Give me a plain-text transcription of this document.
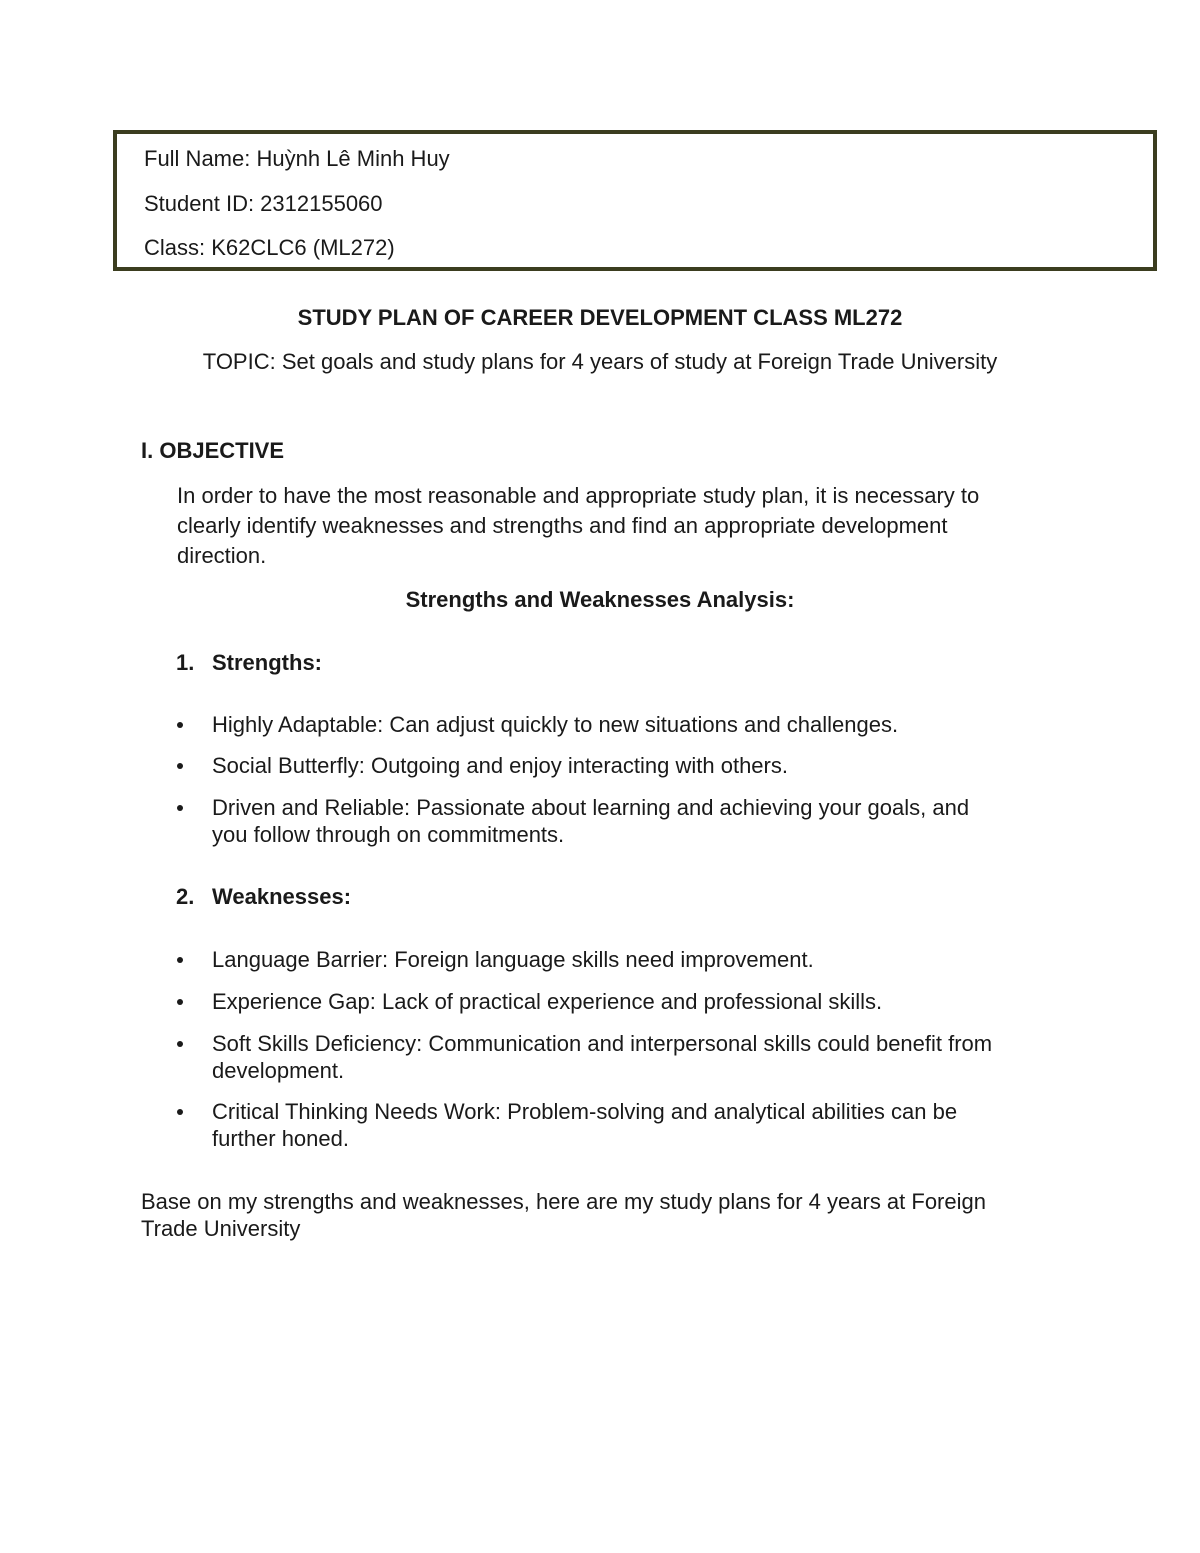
Full Name: Huỳnh Lê Minh Huy
Student ID: 2312155060
Class: K62CLC6 (ML272)
STUDY PLAN OF CAREER DEVELOPMENT CLASS ML272
TOPIC: Set goals and study plans for 4 years of study at Foreign Trade University
I. OBJECTIVE
In order to have the most reasonable and appropriate study plan, it is necessary to
clearly identify weaknesses and strengths and find an appropriate development
direction.
Strengths and Weaknesses Analysis:
1. Strengths:
Highly Adaptable: Can adjust quickly to new situations and challenges.
Social Butterfly: Outgoing and enjoy interacting with others.
Driven and Reliable: Passionate about learning and achieving your goals, and
you follow through on commitments.
2. Weaknesses:
Language Barrier: Foreign language skills need improvement.
Experience Gap: Lack of practical experience and professional skills.
Soft Skills Deficiency: Communication and interpersonal skills could benefit from
development.
Critical Thinking Needs Work: Problem-solving and analytical abilities can be
further honed.
Base on my strengths and weaknesses, here are my study plans for 4 years at Foreign
Trade University
